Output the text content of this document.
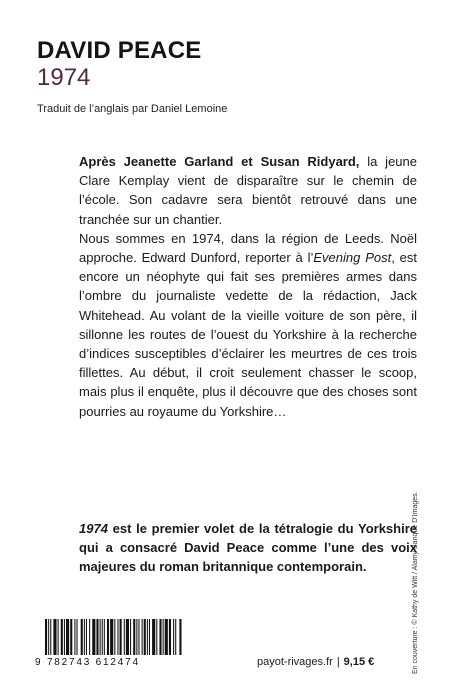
DAVID PEACE
1974
Traduit de l’anglais par Daniel Lemoine

Après Jeanette Garland et Susan Ridyard, la jeune Clare Kemplay vient de disparaître sur le chemin de l’école. Son cadavre sera bientôt retrouvé dans une tranchée sur un chantier.

Nous sommes en 1974, dans la région de Leeds. Noël approche. Edward Dunford, reporter à l’Evening Post, est encore un néophyte qui fait ses premières armes dans l’ombre du journaliste vedette de la rédaction, Jack Whitehead. Au volant de la vieille voiture de son père, il sillonne les routes de l’ouest du Yorkshire à la recherche d’indices susceptibles d’éclairer les meurtres de ces trois fillettes. Au début, il croit seulement chasser le scoop, mais plus il enquête, plus il découvre que des choses sont pourries au royaume du Yorkshire…

1974 est le premier volet de la tétralogie du Yorkshire qui a consacré David Peace comme l’une des voix majeures du roman britannique contemporain.	En couverture : © Kathy de Witt / Alamy Banque D’Images.
9 782743 612474	payot-rivages.fr | 9,15 €
